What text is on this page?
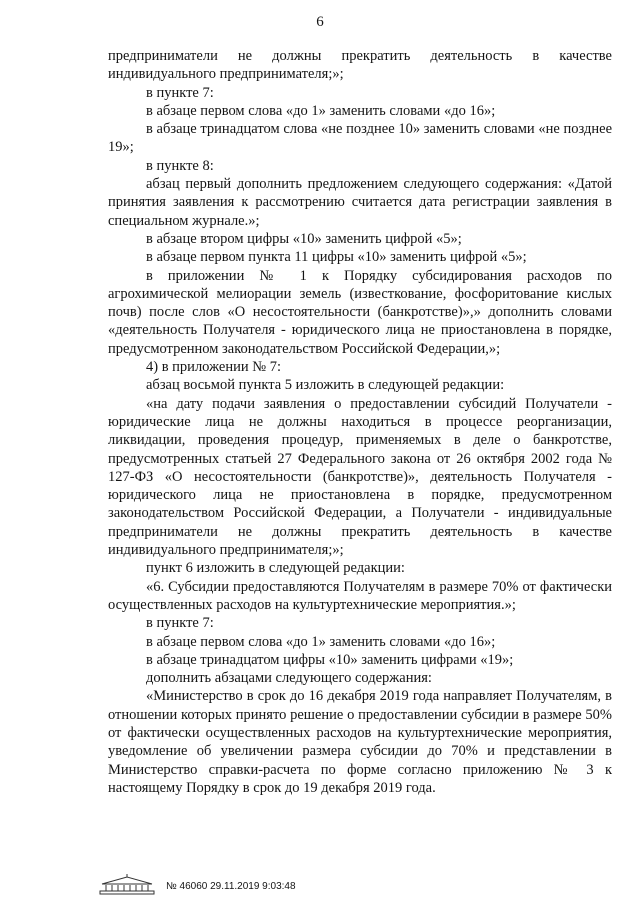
6

предприниматели не должны прекратить деятельность в качестве индивидуального предпринимателя;»;

в пункте 7:

в абзаце первом слова «до 1» заменить словами «до 16»;

в абзаце тринадцатом слова «не позднее 10» заменить словами «не позднее 19»;

в пункте 8:

абзац первый дополнить предложением следующего содержания: «Датой принятия заявления к рассмотрению считается дата регистрации заявления в специальном журнале.»;

в абзаце втором цифры «10» заменить цифрой «5»;

в абзаце первом пункта 11 цифры «10» заменить цифрой «5»;

в приложении № 1 к Порядку субсидирования расходов по агрохимической мелиорации земель (известкование, фосфоритование кислых почв) после слов «О несостоятельности (банкротстве)»,» дополнить словами «деятельность Получателя - юридического лица не приостановлена в порядке, предусмотренном законодательством Российской Федерации,»;

4) в приложении № 7:

абзац восьмой пункта 5 изложить в следующей редакции:

«на дату подачи заявления о предоставлении субсидий Получатели - юридические лица не должны находиться в процессе реорганизации, ликвидации, проведения процедур, применяемых в деле о банкротстве, предусмотренных статьей 27 Федерального закона от 26 октября 2002 года № 127-ФЗ «О несостоятельности (банкротстве)», деятельность Получателя - юридического лица не приостановлена в порядке, предусмотренном законодательством Российской Федерации, а Получатели - индивидуальные предприниматели не должны прекратить деятельность в качестве индивидуального предпринимателя;»;

пункт 6 изложить в следующей редакции:

«6. Субсидии предоставляются Получателям в размере 70% от фактически осуществленных расходов на культуртехнические мероприятия.»;

в пункте 7:

в абзаце первом слова «до 1» заменить словами «до 16»;

в абзаце тринадцатом цифры «10» заменить цифрами «19»;

дополнить абзацами следующего содержания:

«Министерство в срок до 16 декабря 2019 года направляет Получателям, в отношении которых принято решение о предоставлении субсидии в размере 50% от фактически осуществленных расходов на культуртехнические мероприятия, уведомление об увеличении размера субсидии до 70% и представлении в Министерство справки-расчета по форме согласно приложению № 3 к настоящему Порядку в срок до 19 декабря 2019 года.

№ 46060 29.11.2019 9:03:48
